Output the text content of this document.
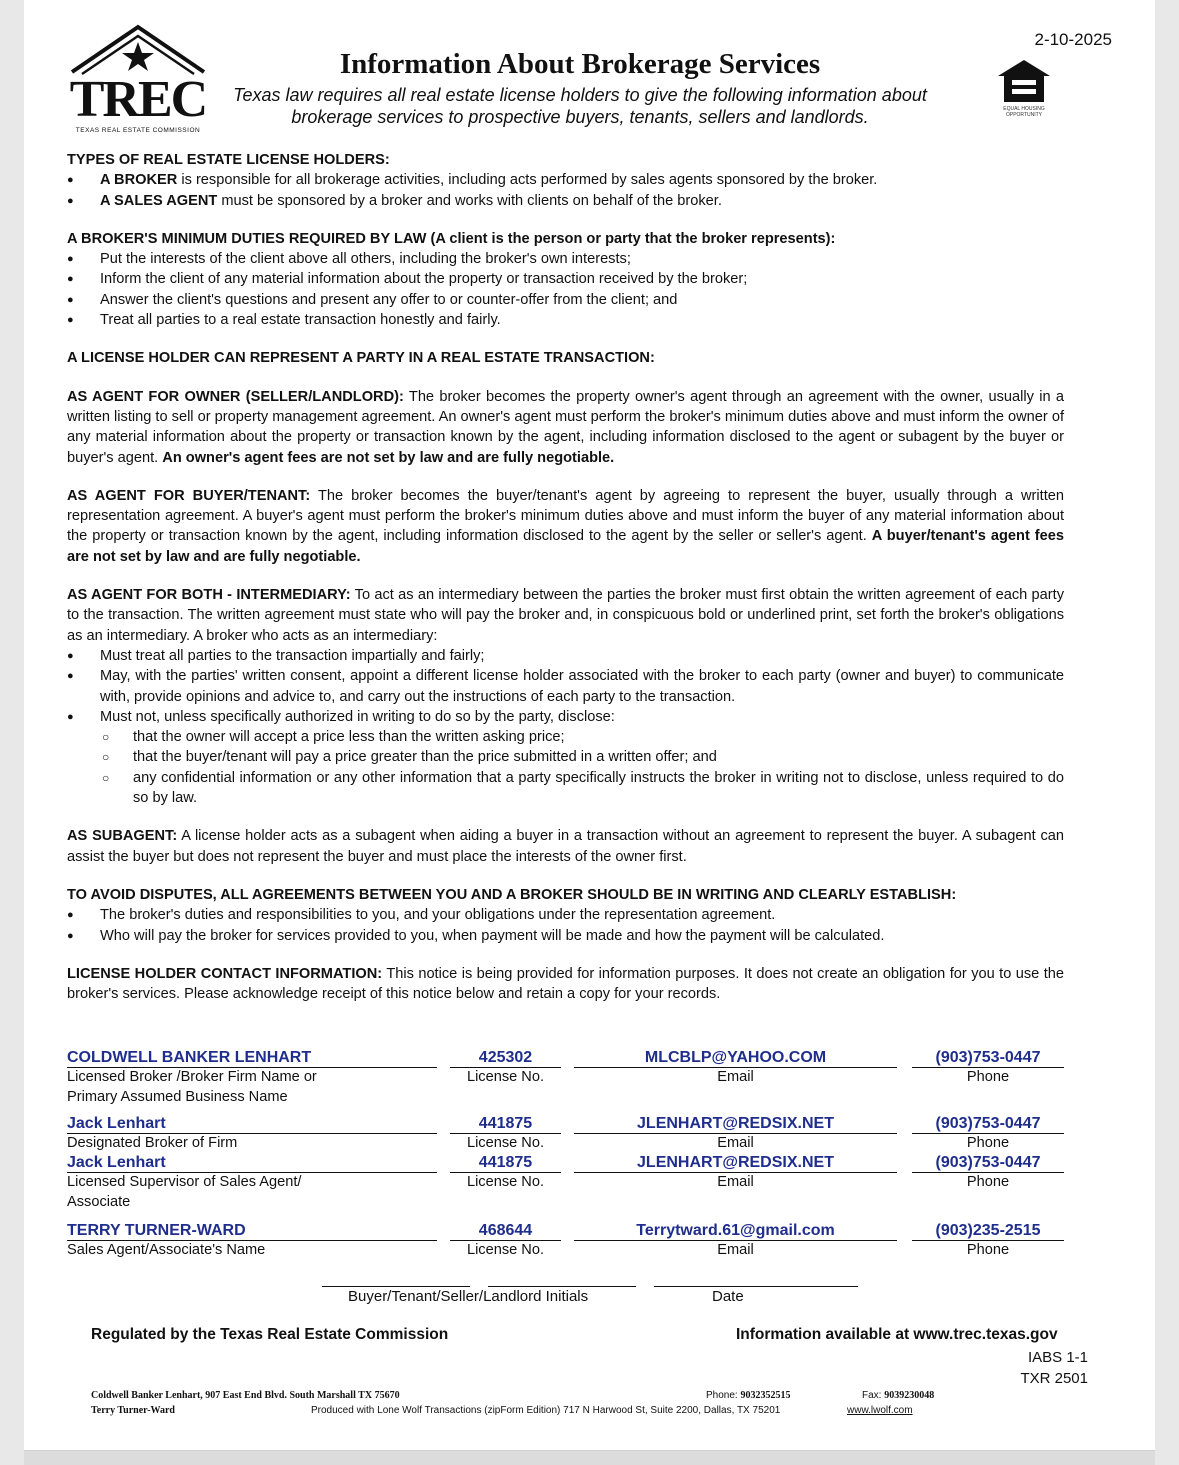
TREC
TEXAS REAL ESTATE COMMISSION
2-10-2025
EQUAL HOUSING OPPORTUNITY
Information About Brokerage Services
Texas law requires all real estate license holders to give the following information about
brokerage services to prospective buyers, tenants, sellers and landlords.
TYPES OF REAL ESTATE LICENSE HOLDERS:
● A BROKER is responsible for all brokerage activities, including acts performed by sales agents sponsored by the broker.
● A SALES AGENT must be sponsored by a broker and works with clients on behalf of the broker.
A BROKER'S MINIMUM DUTIES REQUIRED BY LAW (A client is the person or party that the broker represents):
● Put the interests of the client above all others, including the broker's own interests;
● Inform the client of any material information about the property or transaction received by the broker;
● Answer the client's questions and present any offer to or counter-offer from the client; and
● Treat all parties to a real estate transaction honestly and fairly.
A LICENSE HOLDER CAN REPRESENT A PARTY IN A REAL ESTATE TRANSACTION:
AS AGENT FOR OWNER (SELLER/LANDLORD): The broker becomes the property owner's agent through an agreement with the owner, usually in a written listing to sell or property management agreement. An owner's agent must perform the broker's minimum duties above and must inform the owner of any material information about the property or transaction known by the agent, including information disclosed to the agent or subagent by the buyer or buyer's agent. An owner's agent fees are not set by law and are fully negotiable.
AS AGENT FOR BUYER/TENANT: The broker becomes the buyer/tenant's agent by agreeing to represent the buyer, usually through a written representation agreement. A buyer's agent must perform the broker's minimum duties above and must inform the buyer of any material information about the property or transaction known by the agent, including information disclosed to the agent by the seller or seller's agent. A buyer/tenant's agent fees are not set by law and are fully negotiable.
AS AGENT FOR BOTH - INTERMEDIARY: To act as an intermediary between the parties the broker must first obtain the written agreement of each party to the transaction. The written agreement must state who will pay the broker and, in conspicuous bold or underlined print, set forth the broker's obligations as an intermediary. A broker who acts as an intermediary:
● Must treat all parties to the transaction impartially and fairly;
● May, with the parties' written consent, appoint a different license holder associated with the broker to each party (owner and buyer) to communicate with, provide opinions and advice to, and carry out the instructions of each party to the transaction.
● Must not, unless specifically authorized in writing to do so by the party, disclose:
○ that the owner will accept a price less than the written asking price;
○ that the buyer/tenant will pay a price greater than the price submitted in a written offer; and
○ any confidential information or any other information that a party specifically instructs the broker in writing not to disclose, unless required to do so by law.
AS SUBAGENT: A license holder acts as a subagent when aiding a buyer in a transaction without an agreement to represent the buyer. A subagent can assist the buyer but does not represent the buyer and must place the interests of the owner first.
TO AVOID DISPUTES, ALL AGREEMENTS BETWEEN YOU AND A BROKER SHOULD BE IN WRITING AND CLEARLY ESTABLISH:
● The broker's duties and responsibilities to you, and your obligations under the representation agreement.
● Who will pay the broker for services provided to you, when payment will be made and how the payment will be calculated.
LICENSE HOLDER CONTACT INFORMATION: This notice is being provided for information purposes. It does not create an obligation for you to use the broker's services. Please acknowledge receipt of this notice below and retain a copy for your records.
COLDWELL BANKER LENHART	425302	MLCBLP@YAHOO.COM	(903)753-0447
Licensed Broker /Broker Firm Name or	License No.	Email	Phone
Primary Assumed Business Name
Jack Lenhart	441875	JLENHART@REDSIX.NET	(903)753-0447
Designated Broker of Firm	License No.	Email	Phone
Jack Lenhart	441875	JLENHART@REDSIX.NET	(903)753-0447
Licensed Supervisor of Sales Agent/	License No.	Email	Phone
Associate
TERRY TURNER-WARD	468644	Terrytward.61@gmail.com	(903)235-2515
Sales Agent/Associate's Name	License No.	Email	Phone
Buyer/Tenant/Seller/Landlord Initials	Date
Regulated by the Texas Real Estate Commission	Information available at www.trec.texas.gov
IABS 1-1
TXR 2501
Coldwell Banker Lenhart, 907 East End Blvd. South Marshall TX 75670
Terry Turner-Ward
Phone: 9032352515	Fax: 9039230048
Produced with Lone Wolf Transactions (zipForm Edition) 717 N Harwood St, Suite 2200, Dallas, TX 75201	www.lwolf.com
